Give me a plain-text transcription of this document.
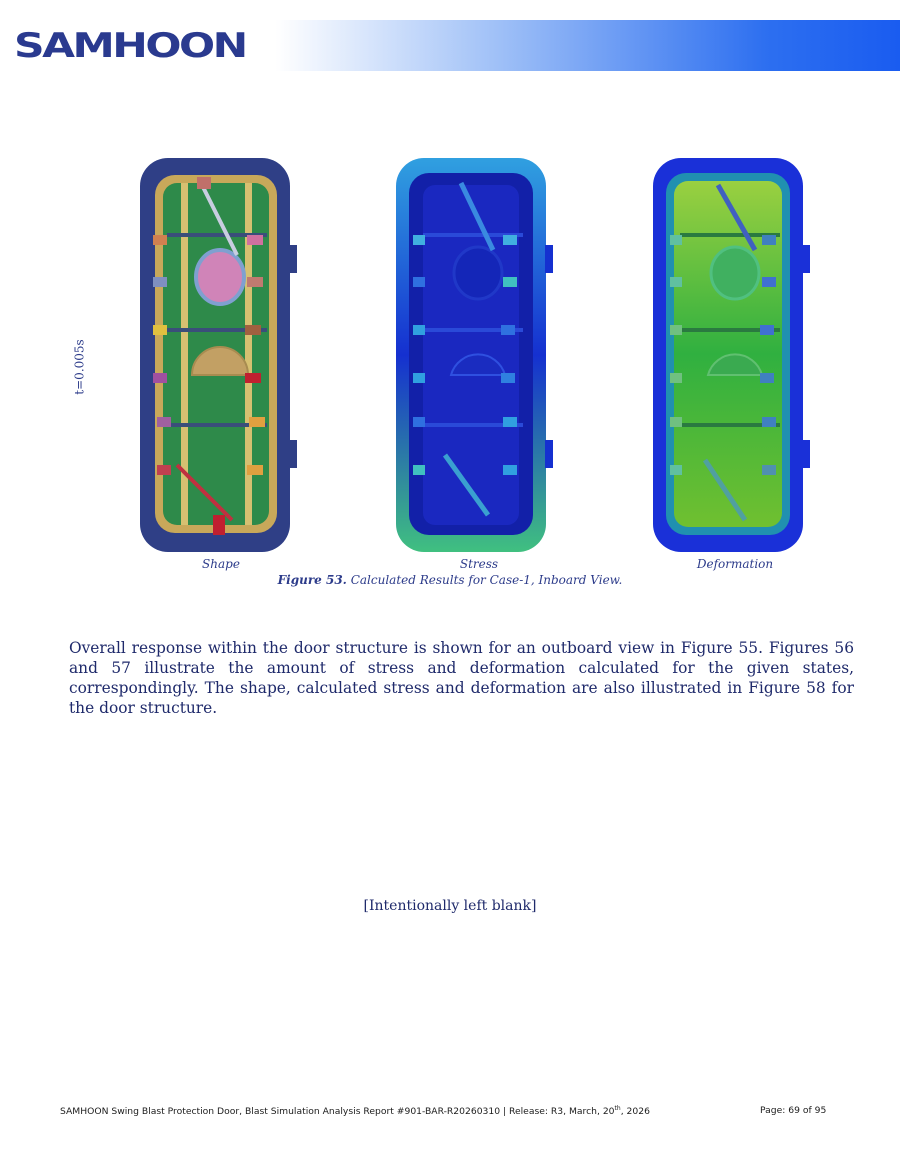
SAMHOON
t=0.005s
Shape	Stress	Deformation
Figure 53. Calculated Results for Case-1, Inboard View.
Overall response within the door structure is shown for an outboard view in Figure 55. Figures 56 and 57 illustrate the amount of stress and deformation calculated for the given states, correspondingly. The shape, calculated stress and deformation are also illustrated in Figure 58 for the door structure.
[Intentionally left blank]
SAMHOON Swing Blast Protection Door, Blast Simulation Analysis Report #901-BAR-R20260310 | Release: R3, March, 20th, 2026	Page: 69 of 95
